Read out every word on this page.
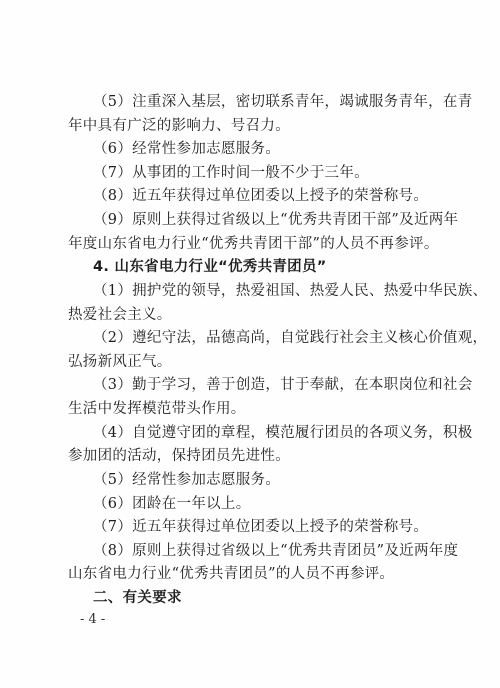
（5）注重深入基层，密切联系青年，竭诚服务青年，在青
年中具有广泛的影响力、号召力。
（6）经常性参加志愿服务。
（7）从事团的工作时间一般不少于三年。
（8）近五年获得过单位团委以上授予的荣誉称号。
（9）原则上获得过省级以上“优秀共青团干部”及近两年
年度山东省电力行业“优秀共青团干部”的人员不再参评。
4. 山东省电力行业“优秀共青团员”
（1）拥护党的领导，热爱祖国、热爱人民、热爱中华民族、
热爱社会主义。
（2）遵纪守法，品德高尚，自觉践行社会主义核心价值观，
弘扬新风正气。
（3）勤于学习，善于创造，甘于奉献，在本职岗位和社会
生活中发挥模范带头作用。
（4）自觉遵守团的章程，模范履行团员的各项义务，积极
参加团的活动，保持团员先进性。
（5）经常性参加志愿服务。
（6）团龄在一年以上。
（7）近五年获得过单位团委以上授予的荣誉称号。
（8）原则上获得过省级以上“优秀共青团员”及近两年度
山东省电力行业“优秀共青团员”的人员不再参评。
二、有关要求
- 4 -
